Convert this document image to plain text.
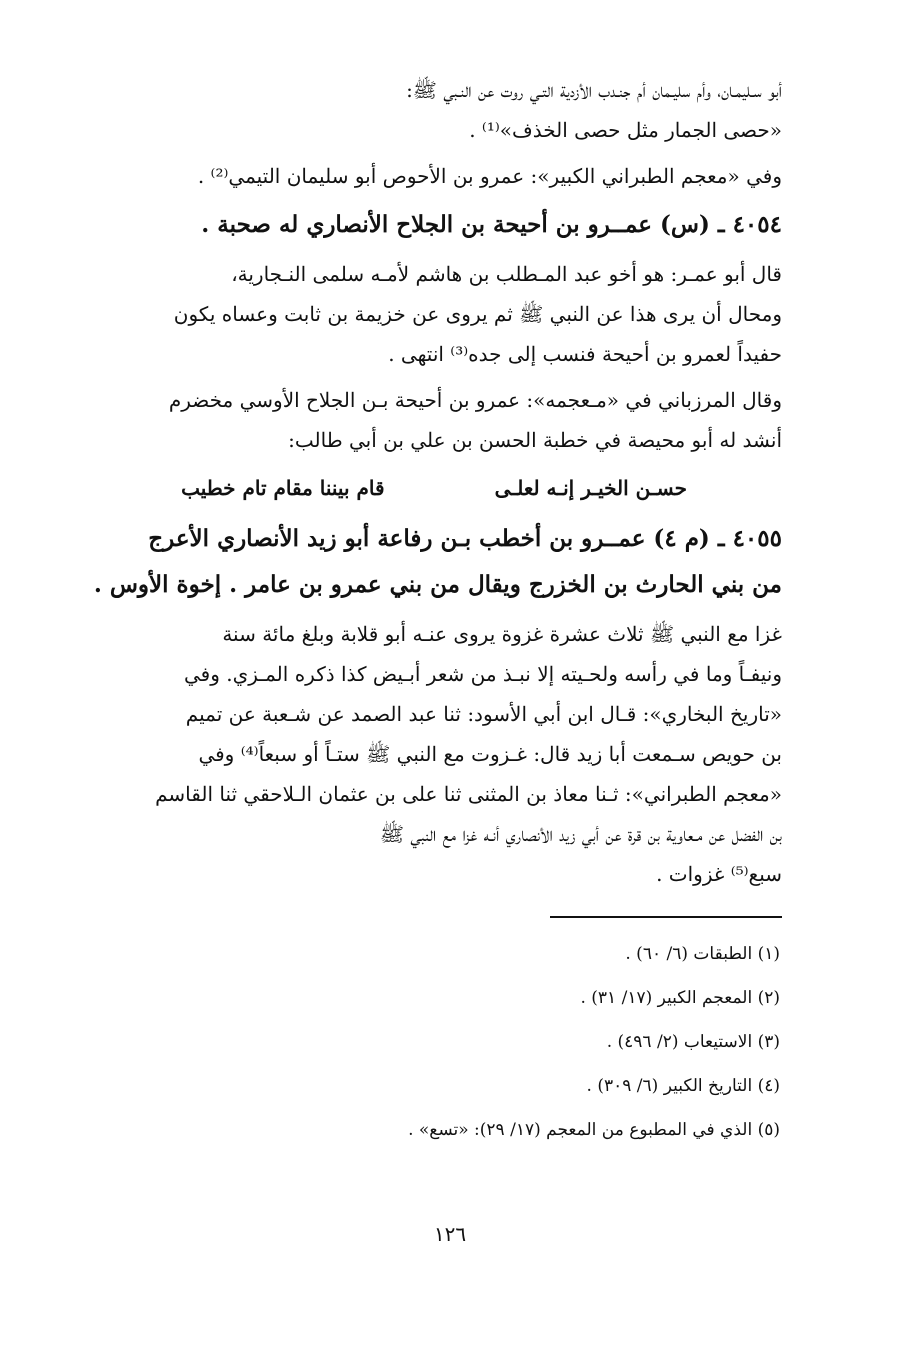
أبو سـليمـان، وأم سليـمان أم جنـدب الأزدية التـي روت عن النـبي ﷺ:
«حصى الجمار مثل حصى الخذف»⁽¹⁾ .
وفي «معجم الطبراني الكبير»: عمرو بن الأحوص أبو سليمان التيمي⁽²⁾ .
٤٠٥٤ ـ (س) عمــرو بن أحيحة بن الجلاح الأنصاري له صحبة .
قال أبو عمـر: هو أخو عبد المـطلب بن هاشم لأمـه سلمى النـجارية،
ومحال أن يرى هذا عن النبي ﷺ ثم يروى عن خزيمة بن ثابت وعساه يكون
حفيداً لعمرو بن أحيحة فنسب إلى جده⁽³⁾ انتهى .
وقال المرزباني في «مـعجمه»: عمرو بن أحيحة بـن الجلاح الأوسي مخضرم
أنشد له أبو محيصة في خطبة الحسن بن علي بن أبي طالب:
حسـن الخيـر إنـه لعلـى
قام بيننا مقام تام خطيب
٤٠٥٥ ـ (م ٤) عمــرو بن أخطب بـن رفاعة أبو زيد الأنصاري الأعرج
من بني الحارث بن الخزرج ويقال من بني عمرو بن عامر . إخوة الأوس .
غزا مع النبي ﷺ ثلاث عشرة غزوة يروى عنـه أبو قلابة وبلغ مائة سنة
ونيفـاً وما في رأسه ولحـيته إلا نبـذ من شعر أبـيض كذا ذكره المـزي. وفي
«تاريخ البخاري»: قـال ابن أبي الأسود: ثنا عبد الصمد عن شـعبة عن تميم
بن حويص سـمعت أبا زيد قال: غـزوت مع النبي ﷺ ستـاً أو سبعاً⁽⁴⁾ وفي
«معجم الطبراني»: ثـنا معاذ بن المثنى ثنا على بن عثمان الـلاحقي ثنا القاسم
بن الفضل عن مـعاوية بن قرة عن أبي زيد الأنصاري أنـه غزا مع النبي ﷺ
سبع⁽⁵⁾ غزوات .
(١) الطبقات (٦/ ٦٠) .
(٢) المعجم الكبير (١٧/ ٣١) .
(٣) الاستيعاب (٢/ ٤٩٦) .
(٤) التاريخ الكبير (٦/ ٣٠٩) .
(٥) الذي في المطبوع من المعجم (١٧/ ٢٩): «تسع» .
١٢٦
